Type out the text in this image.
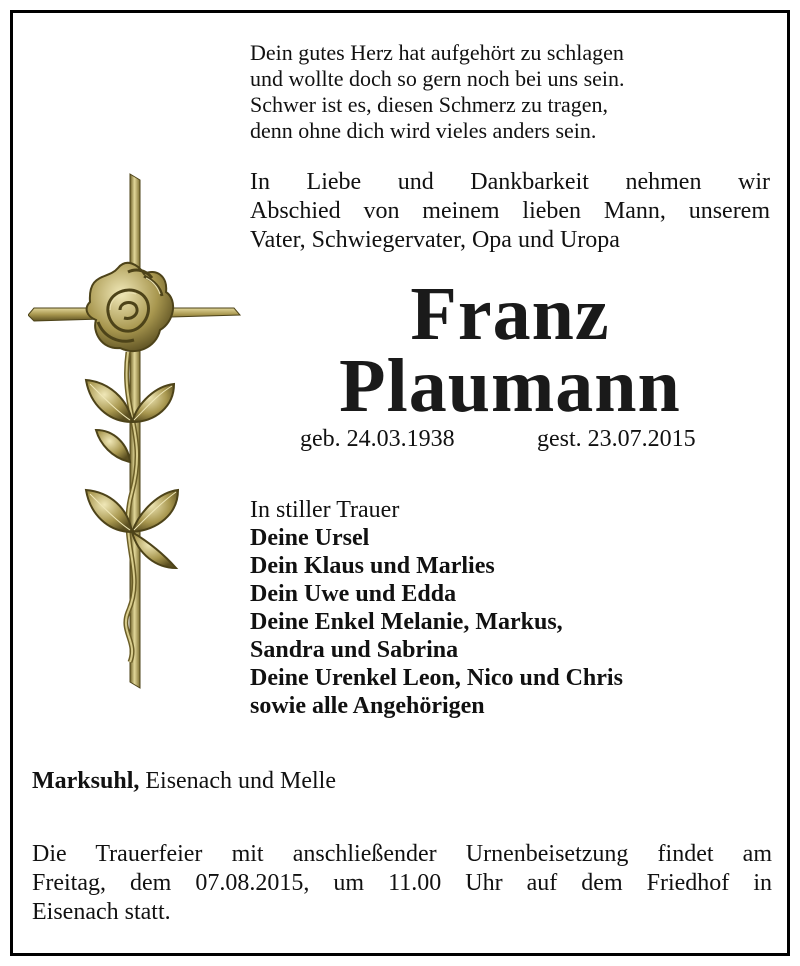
Dein gutes Herz hat aufgehört zu schlagen
und wollte doch so gern noch bei uns sein.
Schwer ist es, diesen Schmerz zu tragen,
denn ohne dich wird vieles anders sein.
In Liebe und Dankbarkeit nehmen wir
Abschied von meinem lieben Mann, unserem
Vater, Schwiegervater, Opa und Uropa
Franz
Plaumann
geb. 24.03.1938	gest. 23.07.2015
In stiller Trauer
Deine Ursel
Dein Klaus und Marlies
Dein Uwe und Edda
Deine Enkel Melanie, Markus,
Sandra und Sabrina
Deine Urenkel Leon, Nico und Chris
sowie alle Angehörigen
Marksuhl, Eisenach und Melle
Die Trauerfeier mit anschließender Urnenbeisetzung findet am
Freitag, dem 07.08.2015, um 11.00 Uhr auf dem Friedhof in
Eisenach statt.
